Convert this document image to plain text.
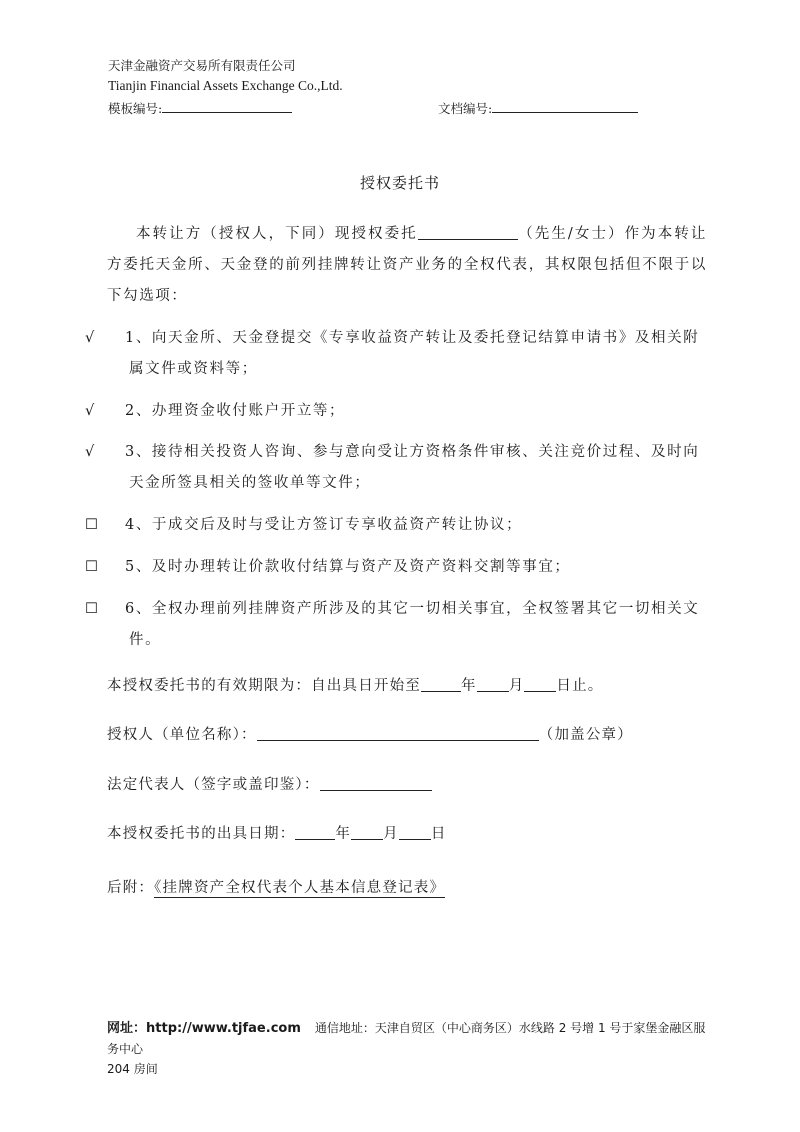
天津金融资产交易所有限责任公司
Tianjin Financial Assets Exchange Co.,Ltd.
模板编号:	文档编号:
授权委托书
本转让方（授权人，下同）现授权委托	（先生/女士）作为本转让方委托天金所、天金登的前列挂牌转让资产业务的全权代表，其权限包括但不限于以下勾选项：
√ 1、向天金所、天金登提交《专享收益资产转让及委托登记结算申请书》及相关附属文件或资料等；
√ 2、办理资金收付账户开立等；
√ 3、接待相关投资人咨询、参与意向受让方资格条件审核、关注竞价过程、及时向天金所签具相关的签收单等文件；
☐ 4、于成交后及时与受让方签订专享收益资产转让协议；
☐ 5、及时办理转让价款收付结算与资产及资产资料交割等事宜；
☐ 6、全权办理前列挂牌资产所涉及的其它一切相关事宜，全权签署其它一切相关文件。
本授权委托书的有效期限为：自出具日开始至	年 月 日止。
授权人（单位名称）：	（加盖公章）
法定代表人（签字或盖印鉴）：
本授权委托书的出具日期：	年 月 日
后附：《挂牌资产全权代表个人基本信息登记表》
网址：http://www.tjfae.com 通信地址：天津自贸区（中心商务区）水线路 2 号增 1 号于家堡金融区服务中心
204 房间
